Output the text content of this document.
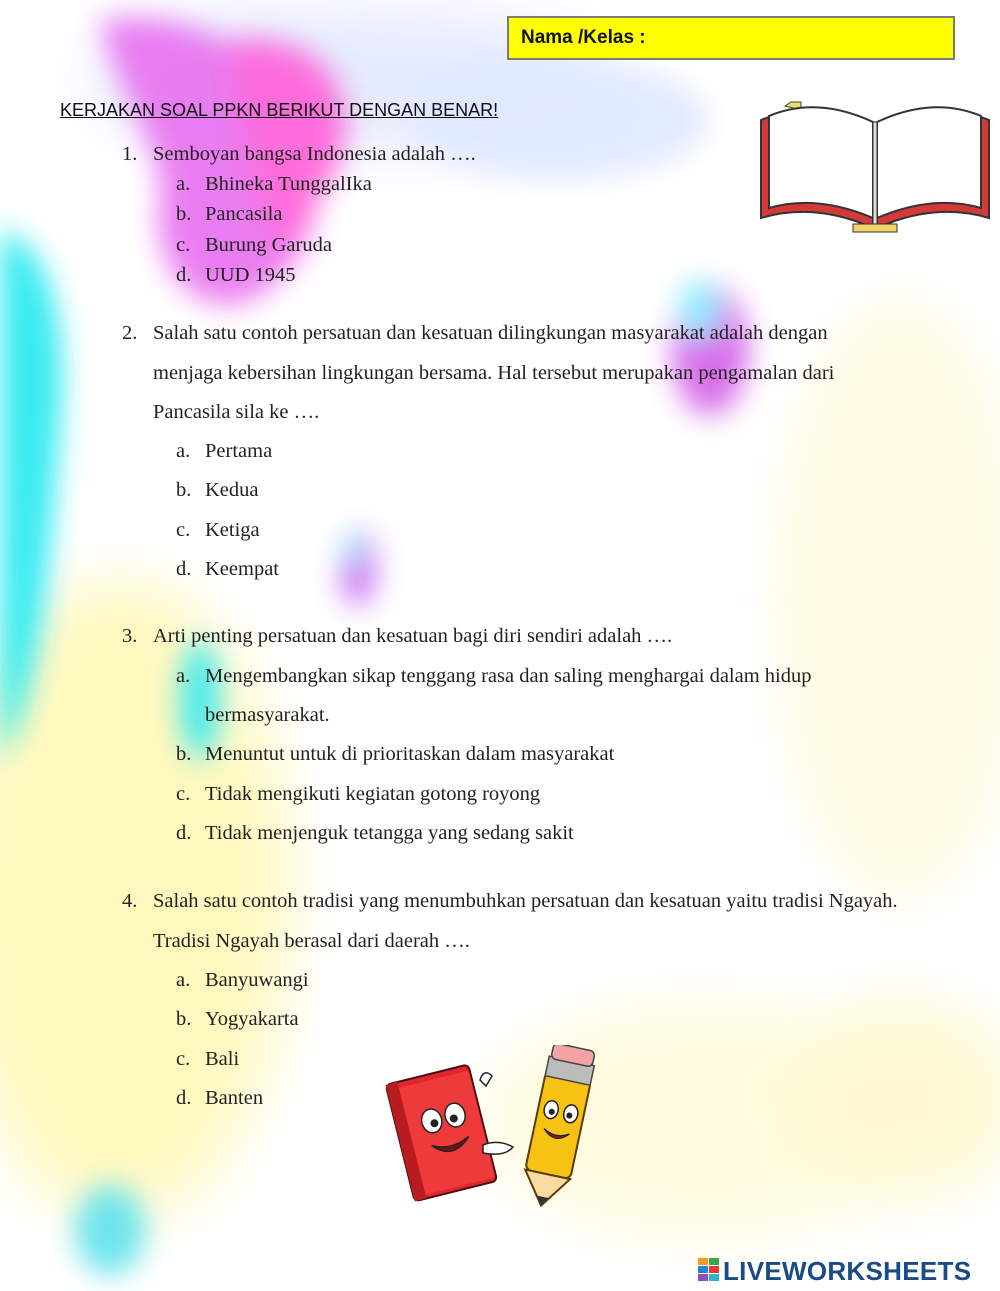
Nama /Kelas :
KERJAKAN SOAL PPKN BERIKUT DENGAN BENAR!
1. Semboyan bangsa Indonesia adalah ….
a. Bhineka TunggalIka
b. Pancasila
c. Burung Garuda
d. UUD 1945
2. Salah satu contoh persatuan dan kesatuan dilingkungan masyarakat adalah dengan
menjaga kebersihan lingkungan bersama. Hal tersebut merupakan pengamalan dari
Pancasila sila ke ….
a. Pertama
b. Kedua
c. Ketiga
d. Keempat
3. Arti penting persatuan dan kesatuan bagi diri sendiri adalah ….
a. Mengembangkan sikap tenggang rasa dan saling menghargai dalam hidup
bermasyarakat.
b. Menuntut untuk di prioritaskan dalam masyarakat
c. Tidak mengikuti kegiatan gotong royong
d. Tidak menjenguk tetangga yang sedang sakit
4. Salah satu contoh tradisi yang menumbuhkan persatuan dan kesatuan yaitu tradisi Ngayah.
Tradisi Ngayah berasal dari daerah ….
a. Banyuwangi
b. Yogyakarta
c. Bali
d. Banten
LIVEWORKSHEETS
